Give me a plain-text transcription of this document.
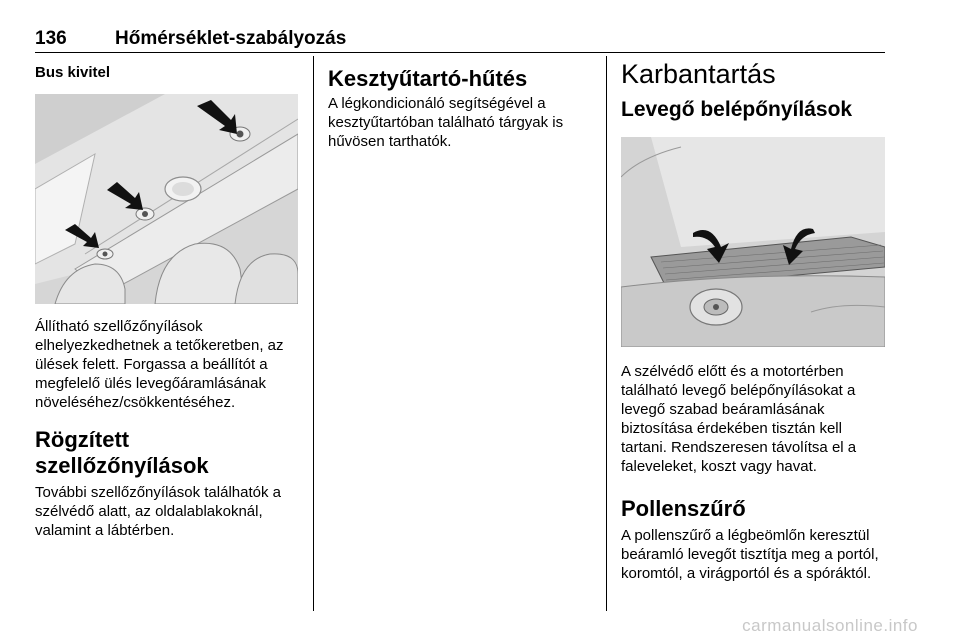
136	Hőmérséklet-szabályozás
Bus kivitel

Állítható szellőzőnyílások elhelyezkedhetnek a tetőkeretben, az ülések felett. Forgassa a beállítót a megfelelő ülés levegőáramlásának növeléséhez/csökkentéséhez.

Rögzített szellőzőnyílások

További szellőzőnyílások találhatók a szélvédő alatt, az oldalablakoknál, valamint a lábtérben.

Kesztyűtartó-hűtés

A légkondicionáló segítségével a kesztyűtartóban található tárgyak is hűvösen tarthatók.

Karbantartás
Levegő belépőnyílások

A szélvédő előtt és a motortérben található levegő belépőnyílásokat a levegő szabad beáramlásának biztosítása érdekében tisztán kell tartani. Rendszeresen távolítsa el a faleveleket, koszt vagy havat.

Pollenszűrő

A pollenszűrő a légbeömlőn keresztül beáramló levegőt tisztítja meg a portól, koromtól, a virágportól és a spóráktól.

carmanualsonline.info
